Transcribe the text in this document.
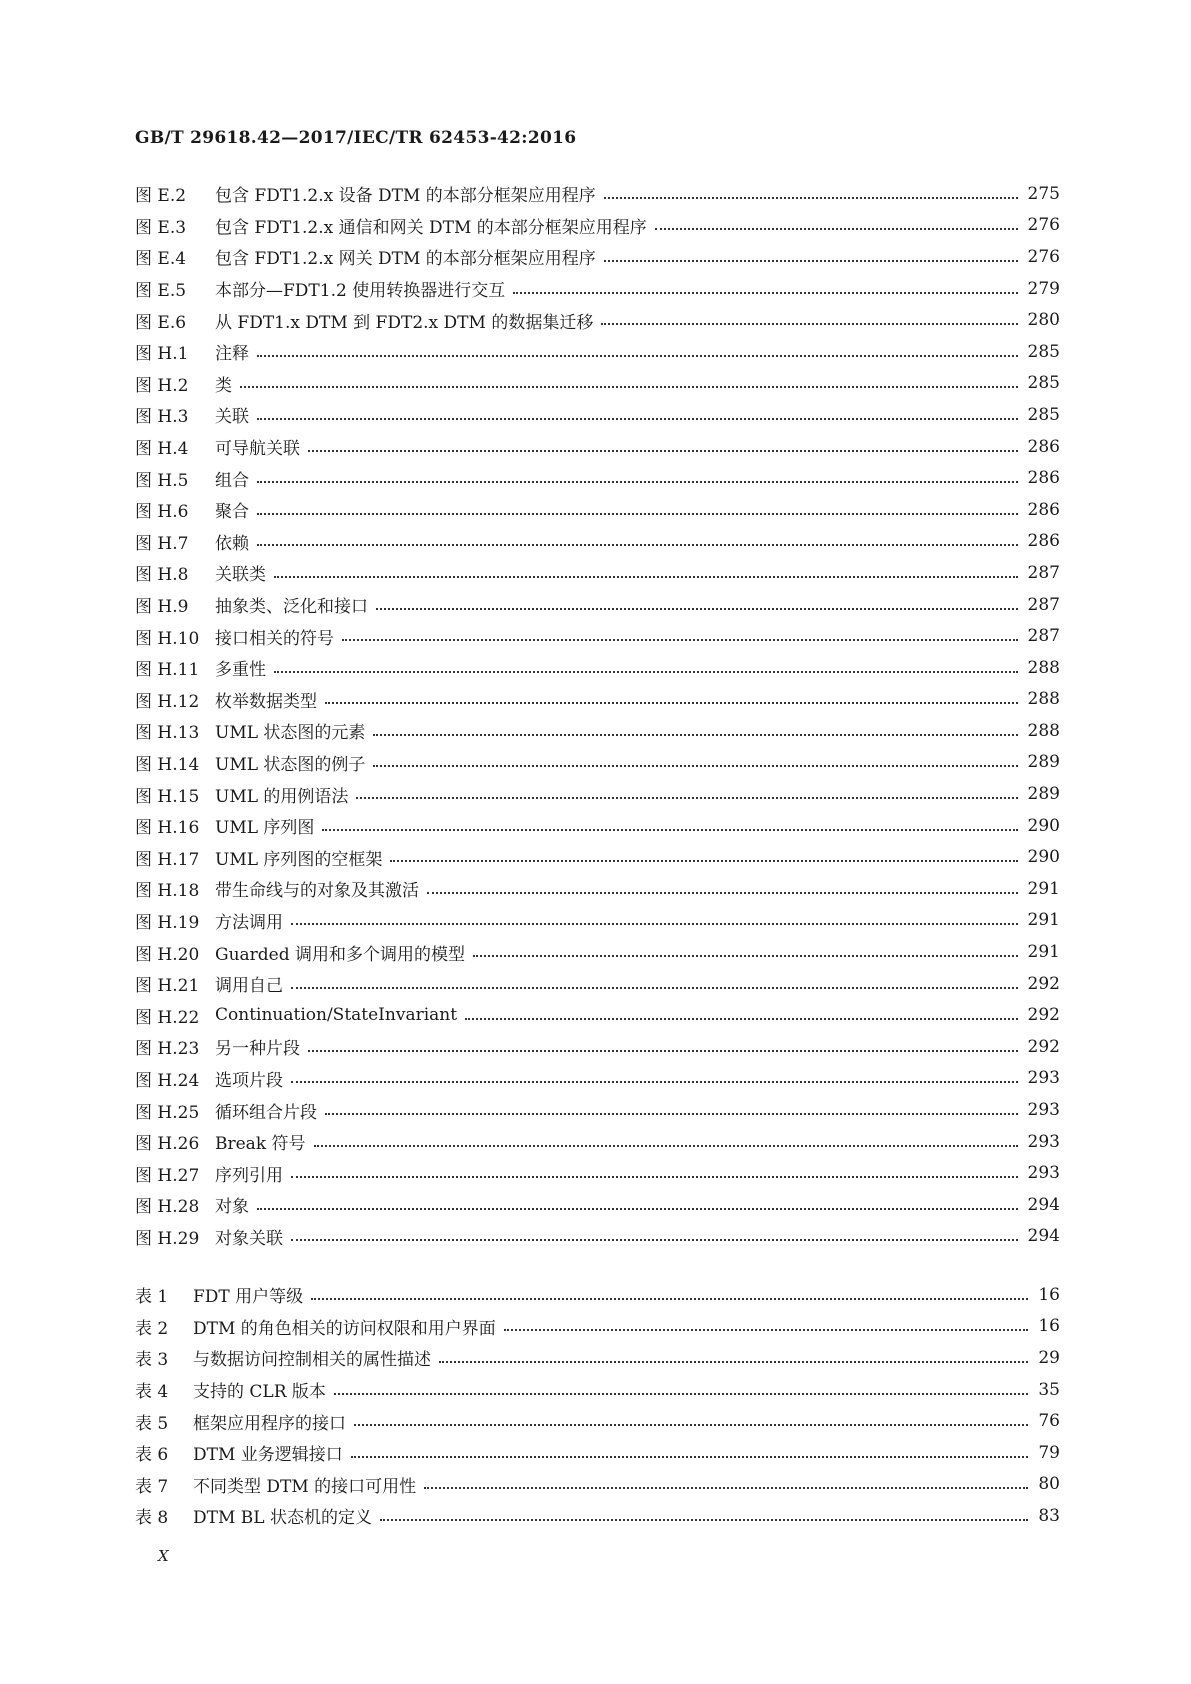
GB/T 29618.42—2017/IEC/TR 62453-42:2016
图 E.2	包含 FDT1.2.x 设备 DTM 的本部分框架应用程序	275
图 E.3	包含 FDT1.2.x 通信和网关 DTM 的本部分框架应用程序	276
图 E.4	包含 FDT1.2.x 网关 DTM 的本部分框架应用程序	276
图 E.5	本部分—FDT1.2 使用转换器进行交互	279
图 E.6	从 FDT1.x DTM 到 FDT2.x DTM 的数据集迁移	280
图 H.1	注释	285
图 H.2	类	285
图 H.3	关联	285
图 H.4	可导航关联	286
图 H.5	组合	286
图 H.6	聚合	286
图 H.7	依赖	286
图 H.8	关联类	287
图 H.9	抽象类、泛化和接口	287
图 H.10 接口相关的符号	287
图 H.11 多重性	288
图 H.12 枚举数据类型	288
图 H.13 UML 状态图的元素	288
图 H.14 UML 状态图的例子	289
图 H.15 UML 的用例语法	289
图 H.16 UML 序列图	290
图 H.17 UML 序列图的空框架	290
图 H.18 带生命线与的对象及其激活	291
图 H.19 方法调用	291
图 H.20 Guarded 调用和多个调用的模型	291
图 H.21 调用自己	292
图 H.22 Continuation/StateInvariant	292
图 H.23 另一种片段	292
图 H.24 选项片段	293
图 H.25 循环组合片段	293
图 H.26 Break 符号	293
图 H.27 序列引用	293
图 H.28 对象	294
图 H.29 对象关联	294
表 1	FDT 用户等级	16
表 2	DTM 的角色相关的访问权限和用户界面	16
表 3	与数据访问控制相关的属性描述	29
表 4	支持的 CLR 版本	35
表 5	框架应用程序的接口	76
表 6	DTM 业务逻辑接口	79
表 7	不同类型 DTM 的接口可用性	80
表 8	DTM BL 状态机的定义	83
X
